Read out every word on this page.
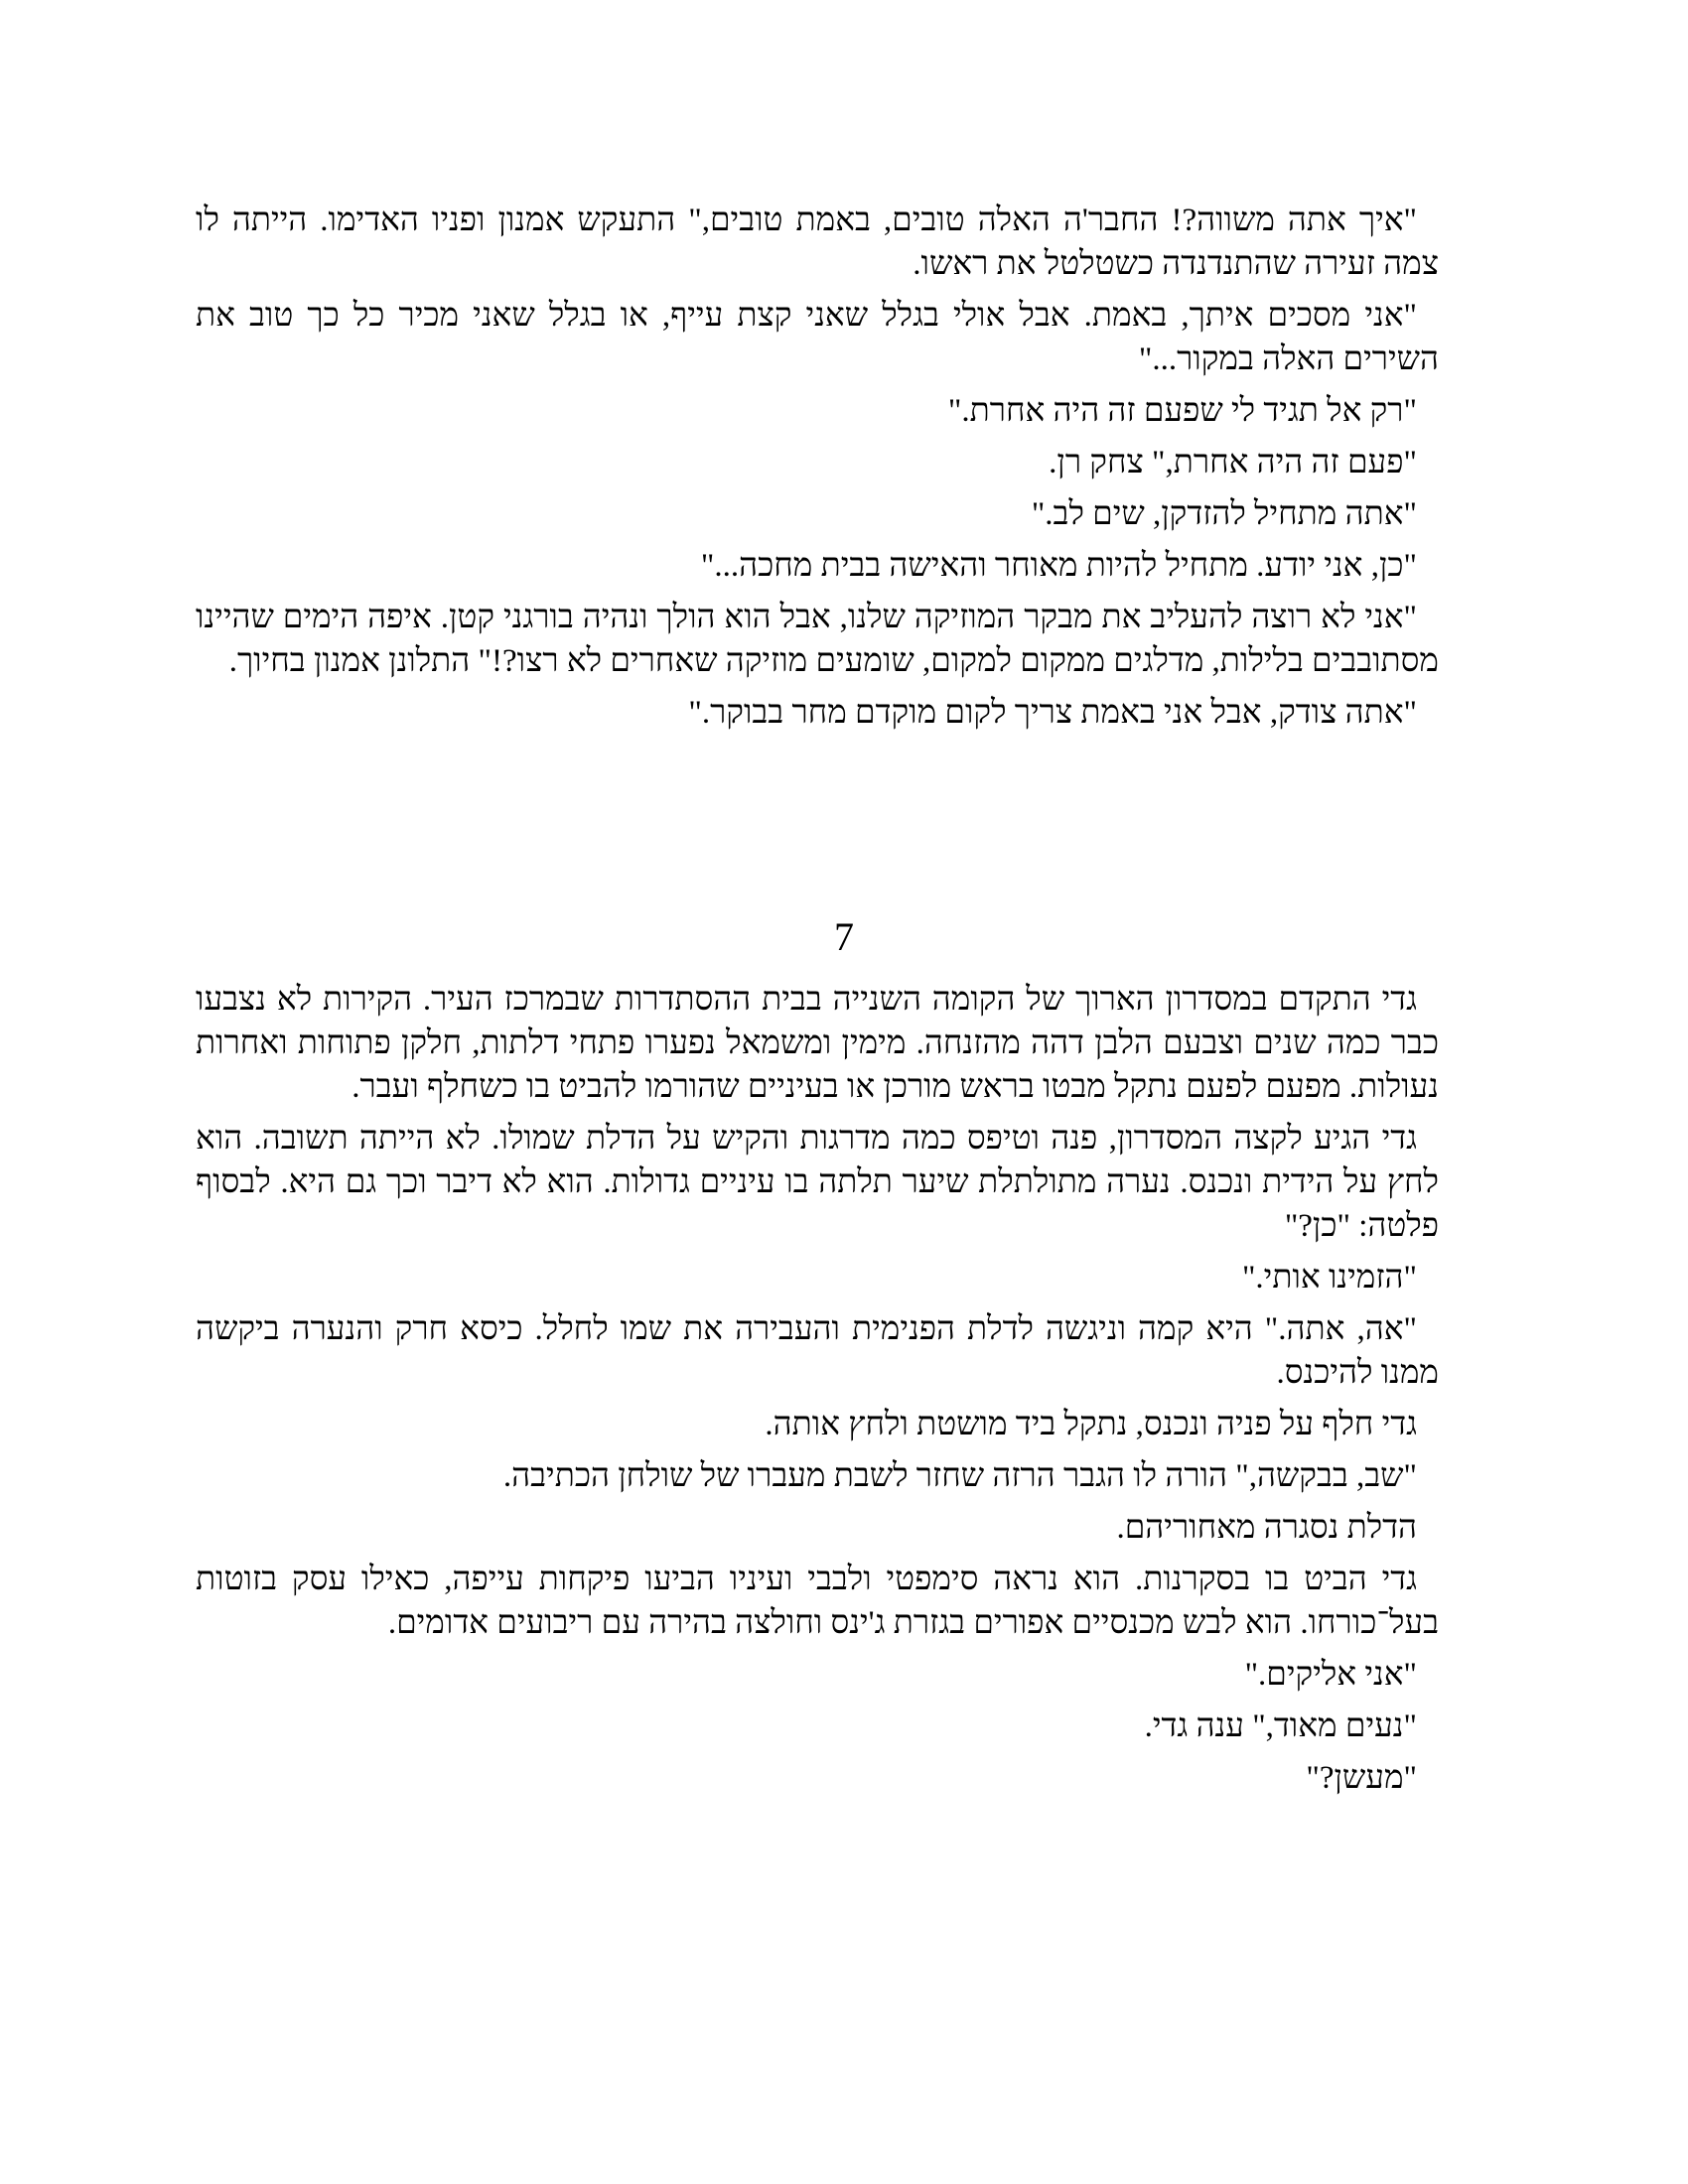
"איך אתה משווה?! החבר'ה האלה טובים, באמת טובים," התעקש אמנון ופניו האדימו. הייתה לו צמה זעירה שהתנדנדה כשטלטל את ראשו.

"אני מסכים איתך, באמת. אבל אולי בגלל שאני קצת עייף, או בגלל שאני מכיר כל כך טוב את השירים האלה במקור..."

"רק אל תגיד לי שפעם זה היה אחרת."

"פעם זה היה אחרת," צחק רן.

"אתה מתחיל להזדקן, שים לב."

"כן, אני יודע. מתחיל להיות מאוחר והאישה בבית מחכה..."

"אני לא רוצה להעליב את מבקר המוזיקה שלנו, אבל הוא הולך ונהיה בורגני קטן. איפה הימים שהיינו מסתובבים בלילות, מדלגים ממקום למקום, שומעים מוזיקה שאחרים לא רצו?!" התלונן אמנון בחיוך.

"אתה צודק, אבל אני באמת צריך לקום מוקדם מחר בבוקר."

7

גדי התקדם במסדרון הארוך של הקומה השנייה בבית ההסתדרות שבמרכז העיר. הקירות לא נצבעו כבר כמה שנים וצבעם הלבן דהה מהזנחה. מימין ומשמאל נפערו פתחי דלתות, חלקן פתוחות ואחרות נעולות. מפעם לפעם נתקל מבטו בראש מורכן או בעיניים שהורמו להביט בו כשחלף ועבר.

גדי הגיע לקצה המסדרון, פנה וטיפס כמה מדרגות והקיש על הדלת שמולו. לא הייתה תשובה. הוא לחץ על הידית ונכנס. נערה מתולתלת שיער תלתה בו עיניים גדולות. הוא לא דיבר וכך גם היא. לבסוף פלטה: "כן?"

"הזמינו אותי."

"אה, אתה." היא קמה וניגשה לדלת הפנימית והעבירה את שמו לחלל. כיסא חרק והנערה ביקשה ממנו להיכנס.

גדי חלף על פניה ונכנס, נתקל ביד מושטת ולחץ אותה.

"שב, בבקשה," הורה לו הגבר הרזה שחזר לשבת מעברו של שולחן הכתיבה.

הדלת נסגרה מאחוריהם.

גדי הביט בו בסקרנות. הוא נראה סימפטי ולבבי ועיניו הביעו פיקחות עייפה, כאילו עסק בזוטות בעל־כורחו. הוא לבש מכנסיים אפורים בגזרת ג'ינס וחולצה בהירה עם ריבועים אדומים.

"אני אליקים."

"נעים מאוד," ענה גדי.

"מעשן?"
